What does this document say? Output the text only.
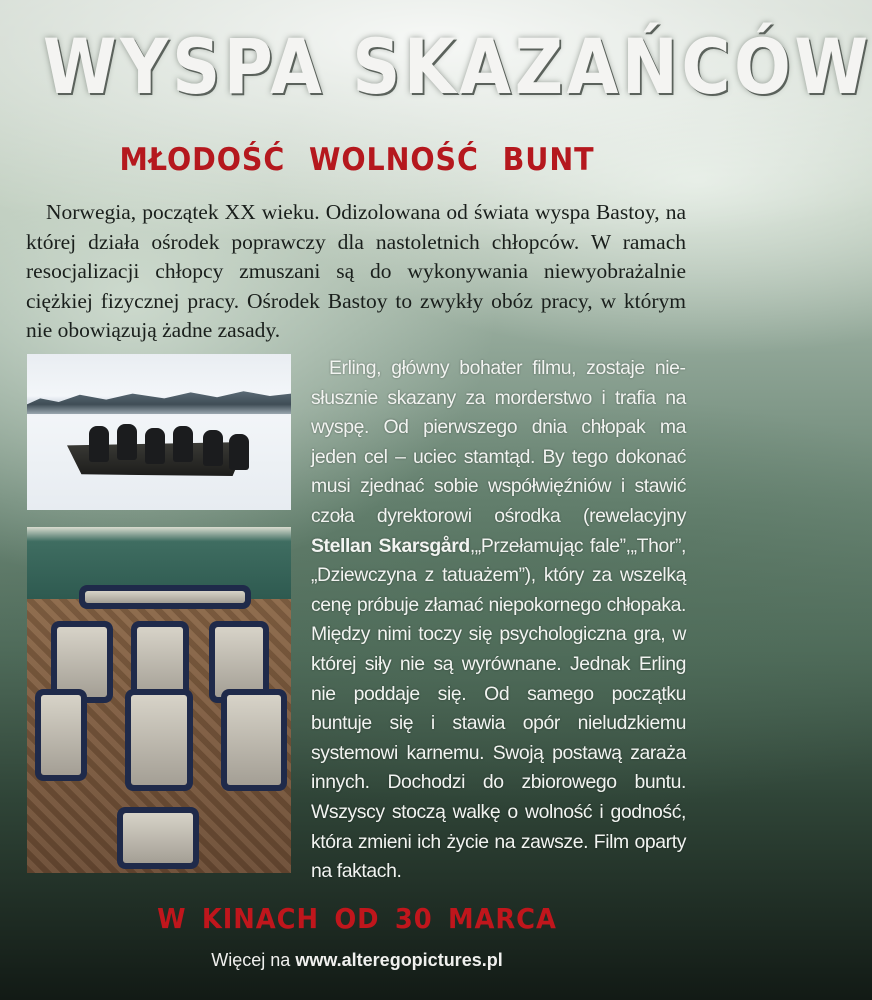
WYSPA SKAZAŃCÓW
MŁODOŚĆ WOLNOŚĆ BUNT
Norwegia, początek XX wieku. Odizolowana od świata wyspa Bastoy, na której działa ośrodek poprawczy dla nastoletnich chłopców. W ramach resocjalizacji chłopcy zmuszani są do wykonywania niewyobrażalnie ciężkiej fizycznej pracy. Ośrodek Bastoy to zwykły obóz pracy, w którym nie obowiązują żadne zasady.
Erling, główny bohater filmu, zostaje niesłusznie skazany za morderstwo i trafia na wyspę. Od pierwszego dnia chłopak ma jeden cel – uciec stamtąd. By tego dokonać musi zjednać sobie współwięźniów i stawić czoła dyrektorowi ośrodka (rewelacyjny Stellan Skarsgård,„Przełamując fale”,„Thor”,„Dziewczyna z tatuażem”), który za wszelką cenę próbuje złamać niepokornego chłopaka. Między nimi toczy się psychologiczna gra, w której siły nie są wyrównane. Jednak Erling nie poddaje się. Od samego początku buntuje się i stawia opór nieludzkiemu systemowi karnemu. Swoją postawą zaraża innych. Dochodzi do zbiorowego buntu. Wszyscy stoczą walkę o wolność i godność, która zmieni ich życie na zawsze. Film oparty na faktach.
W KINACH OD 30 MARCA
Więcej na www.alteregopictures.pl
